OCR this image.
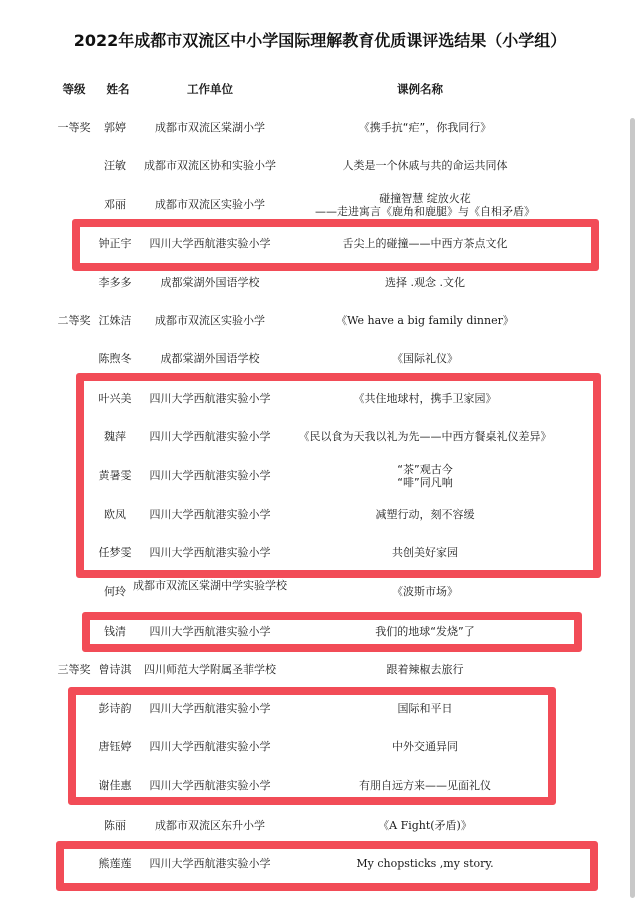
2022年成都市双流区中小学国际理解教育优质课评选结果（小学组）
等级	姓名	工作单位	课例名称
一等奖	郭婷	成都市双流区棠湖小学	《携手抗“疟”，你我同行》
汪敏	成都市双流区协和实验小学	人类是一个休戚与共的命运共同体
邓丽	成都市双流区实验小学	碰撞智慧 绽放火花
——走进寓言《鹿角和鹿腿》与《自相矛盾》
钟正宇	四川大学西航港实验小学	舌尖上的碰撞——中西方茶点文化
李多多	成都棠湖外国语学校	选择 .观念 .文化
二等奖 江姝洁	成都市双流区实验小学	《We have a big family dinner》
陈煦冬	成都棠湖外国语学校	《国际礼仪》
叶兴美	四川大学西航港实验小学	《共住地球村，携手卫家园》
魏萍	四川大学西航港实验小学	《民以食为天我以礼为先——中西方餐桌礼仪差异》
黄暑雯	四川大学西航港实验小学	“茶”观古今
“啡”同凡响
欧凤	四川大学西航港实验小学	减塑行动，刻不容缓
任梦雯	四川大学西航港实验小学	共创美好家园
何玲 成都市双流区棠湖中学实验学校	《波斯市场》
钱清	四川大学西航港实验小学	我们的地球“发烧”了
三等奖 曾诗淇	四川师范大学附属圣菲学校	跟着辣椒去旅行
彭诗韵	四川大学西航港实验小学	国际和平日
唐钰婷	四川大学西航港实验小学	中外交通异同
谢佳惠	四川大学西航港实验小学	有朋自远方来——见面礼仪
陈丽	成都市双流区东升小学	《A Fight(矛盾)》
熊莲莲	四川大学西航港实验小学	My chopsticks ,my story.
